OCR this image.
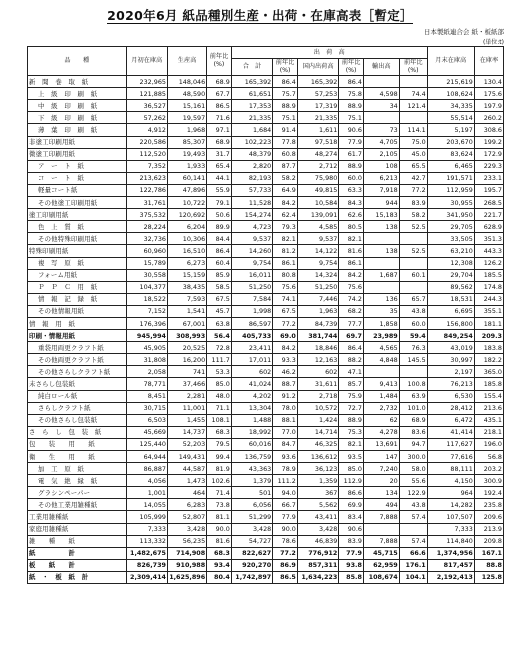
2020年6月 紙品種別生産・出荷・在庫高表［暫定］
日本製紙連合会 紙・板紙部
(単位:t)
品　　種	月初在庫高	生産高	前年比
(%)	出　荷　高						月末在庫高	在庫率
				合　計	前年比
(%)	国内出荷高	前年比
(%)	輸出高	前年比
(%)		
新　聞　巻　取　紙	232,965	148,046	68.9	165,392	86.4	165,392	86.4			215,619	130.4
上　級　印　刷　紙	121,885	48,590	67.7	61,651	75.7	57,253	75.8	4,598	74.4	108,624	175.6
中　級　印　刷　紙	36,527	15,161	86.5	17,353	88.9	17,319	88.9	34	121.4	34,335	197.9
下　級　印　刷　紙	57,262	19,597	71.6	21,335	75.1	21,335	75.1			55,514	260.2
薄　葉　印　刷　紙	4,912	1,968	97.1	1,684	91.4	1,611	90.6	73	114.1	5,197	308.6
非塗工印刷用紙	220,586	85,307	68.9	102,223	77.8	97,518	77.9	4,705	75.0	203,670	199.2
微塗工印刷用紙	112,520	19,493	31.7	48,379	60.8	48,274	61.7	2,105	45.0	83,624	172.9
ア　ー　ト　紙	7,352	1,933	65.4	2,820	87.7	2,712	88.9	108	65.5	6,465	229.3
コ　ー　ト　紙	213,623	60,141	44.1	82,193	58.2	75,980	60.0	6,213	42.7	191,571	233.1
軽量コート紙	122,786	47,896	55.9	57,733	64.9	49,815	63.3	7,918	77.2	112,959	195.7
その他塗工印刷用紙	31,761	10,722	79.1	11,528	84.2	10,584	84.3	944	83.9	30,955	268.5
塗工印刷用紙	375,532	120,692	50.6	154,274	62.4	139,091	62.6	15,183	58.2	341,950	221.7
色　上　質　紙	28,224	6,204	89.9	4,723	79.3	4,585	80.5	138	52.5	29,705	628.9
その他特殊印刷用紙	32,736	10,306	84.4	9,537	82.1	9,537	82.1			33,505	351.3
特殊印刷用紙	60,960	16,510	86.4	14,260	81.2	14,122	81.6	138	52.5	63,210	443.3
複　写　原　紙	15,789	6,273	60.4	9,754	86.1	9,754	86.1			12,308	126.2
フォーム用紙	30,558	15,159	85.9	16,011	80.8	14,324	84.2	1,687	60.1	29,704	185.5
Ｐ　Ｐ　Ｃ　用　紙	104,377	38,435	58.5	51,250	75.6	51,250	75.6			89,562	174.8
情　報　記　録　紙	18,522	7,593	67.5	7,584	74.1	7,446	74.2	136	65.7	18,531	244.3
その他情報用紙	7,152	1,541	45.7	1,998	67.5	1,963	68.2	35	43.8	6,695	355.1
情　報　用　紙	176,396	67,001	63.8	86,597	77.2	84,739	77.7	1,858	60.0	156,800	181.1
印刷・情報用紙	945,994	308,993	56.4	405,733	69.0	381,744	69.7	23,989	59.4	849,254	209.3
重袋用両更クラフト紙	45,905	20,525	72.8	23,411	84.2	18,846	86.4	4,565	76.3	43,019	183.8
その他両更クラフト紙	31,808	16,200	111.7	17,011	93.3	12,163	88.2	4,848	145.5	30,997	182.2
その他さらしクラフト紙	2,058	741	53.3	602	46.2	602	47.1			2,197	365.0
未さらし包装紙	78,771	37,466	85.0	41,024	88.7	31,611	85.7	9,413	100.8	76,213	185.8
純白ロール紙	8,451	2,281	48.0	4,202	91.2	2,718	75.9	1,484	63.9	6,530	155.4
さらしクラフト紙	30,715	11,001	71.1	13,304	78.0	10,572	72.7	2,732	101.0	28,412	213.6
その他さらし包装紙	6,503	1,455	108.1	1,488	88.1	1,424	88.9	62	68.9	6,472	435.1
さ　ら　し　包　装　紙	45,669	14,737	68.3	18,992	77.0	14,714	75.3	4,278	83.6	41,414	218.1
包　　装　　用　　紙	125,440	52,203	79.5	60,016	84.7	46,325	82.1	13,691	94.7	117,627	196.0
衛　　生　　用　　紙	64,944	149,431	99.4	136,759	93.6	136,612	93.5	147	300.0	77,616	56.8
加　工　原　紙	86,887	44,587	81.9	43,363	78.9	36,123	85.0	7,240	58.0	88,111	203.2
電　気　絶　縁　紙	4,056	1,473	102.6	1,379	111.2	1,359	112.9	20	55.6	4,150	300.9
グラシンペーパー	1,001	464	71.4	501	94.0	367	86.6	134	122.9	964	192.4
その他工業用雑種紙	14,055	6,283	73.8	6,056	66.7	5,562	69.9	494	43.8	14,282	235.8
工業用雑種紙	105,999	52,807	81.1	51,299	77.9	43,411	83.4	7,888	57.4	107,507	209.6
家庭用雑種紙	7,333	3,428	90.0	3,428	90.0	3,428	90.6			7,333	213.9
雑　　種　　紙	113,332	56,235	81.6	54,727	78.6	46,839	83.9	7,888	57.4	114,840	209.8
紙　　　　　計	1,482,675	714,908	68.3	822,627	77.2	776,912	77.9	45,715	66.6	1,374,956	167.1
板　　紙　　計	826,739	910,988	93.4	920,270	86.9	857,311	93.8	62,959	176.1	817,457	88.8
紙　・　板　紙　計	2,309,414	1,625,896	80.4	1,742,897	86.5	1,634,223	85.8	108,674	104.1	2,192,413	125.8
